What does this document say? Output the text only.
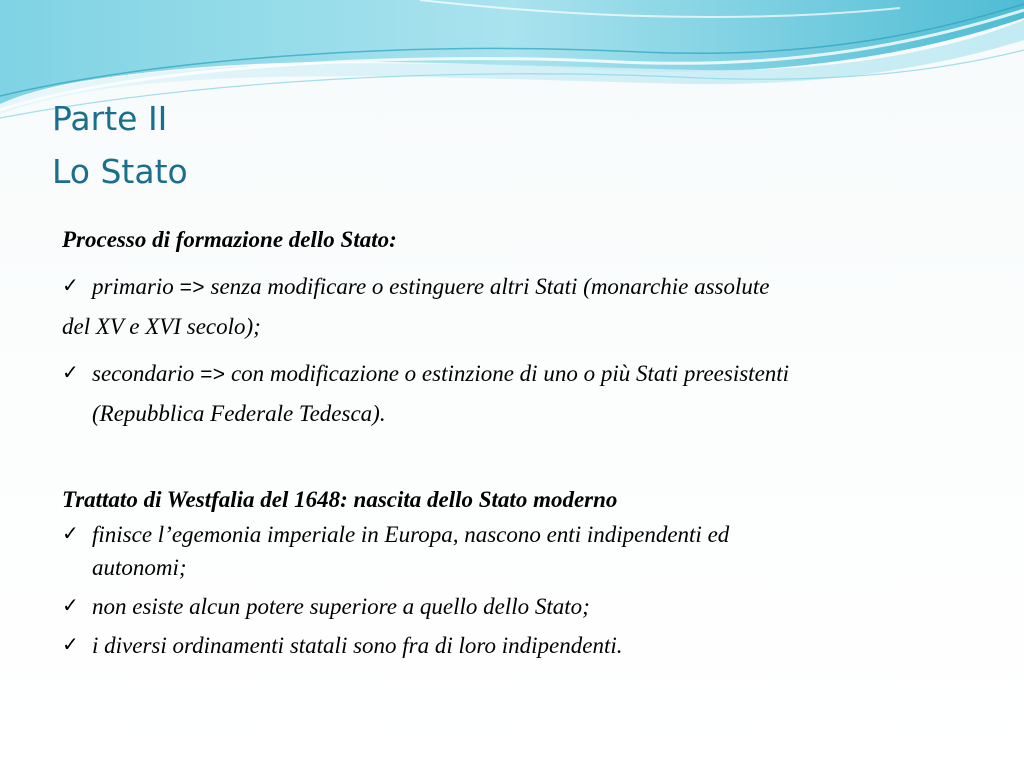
Parte II
Lo Stato

Processo di formazione dello Stato:

✓ primario => senza modificare o estinguere altri Stati (monarchie assolute
del XV e XVI secolo);

✓ secondario => con modificazione o estinzione di uno o più Stati preesistenti
(Repubblica Federale Tedesca).

Trattato di Westfalia del 1648: nascita dello Stato moderno

✓ finisce l’egemonia imperiale in Europa, nascono enti indipendenti ed
autonomi;

✓ non esiste alcun potere superiore a quello dello Stato;

✓ i diversi ordinamenti statali sono fra di loro indipendenti.
